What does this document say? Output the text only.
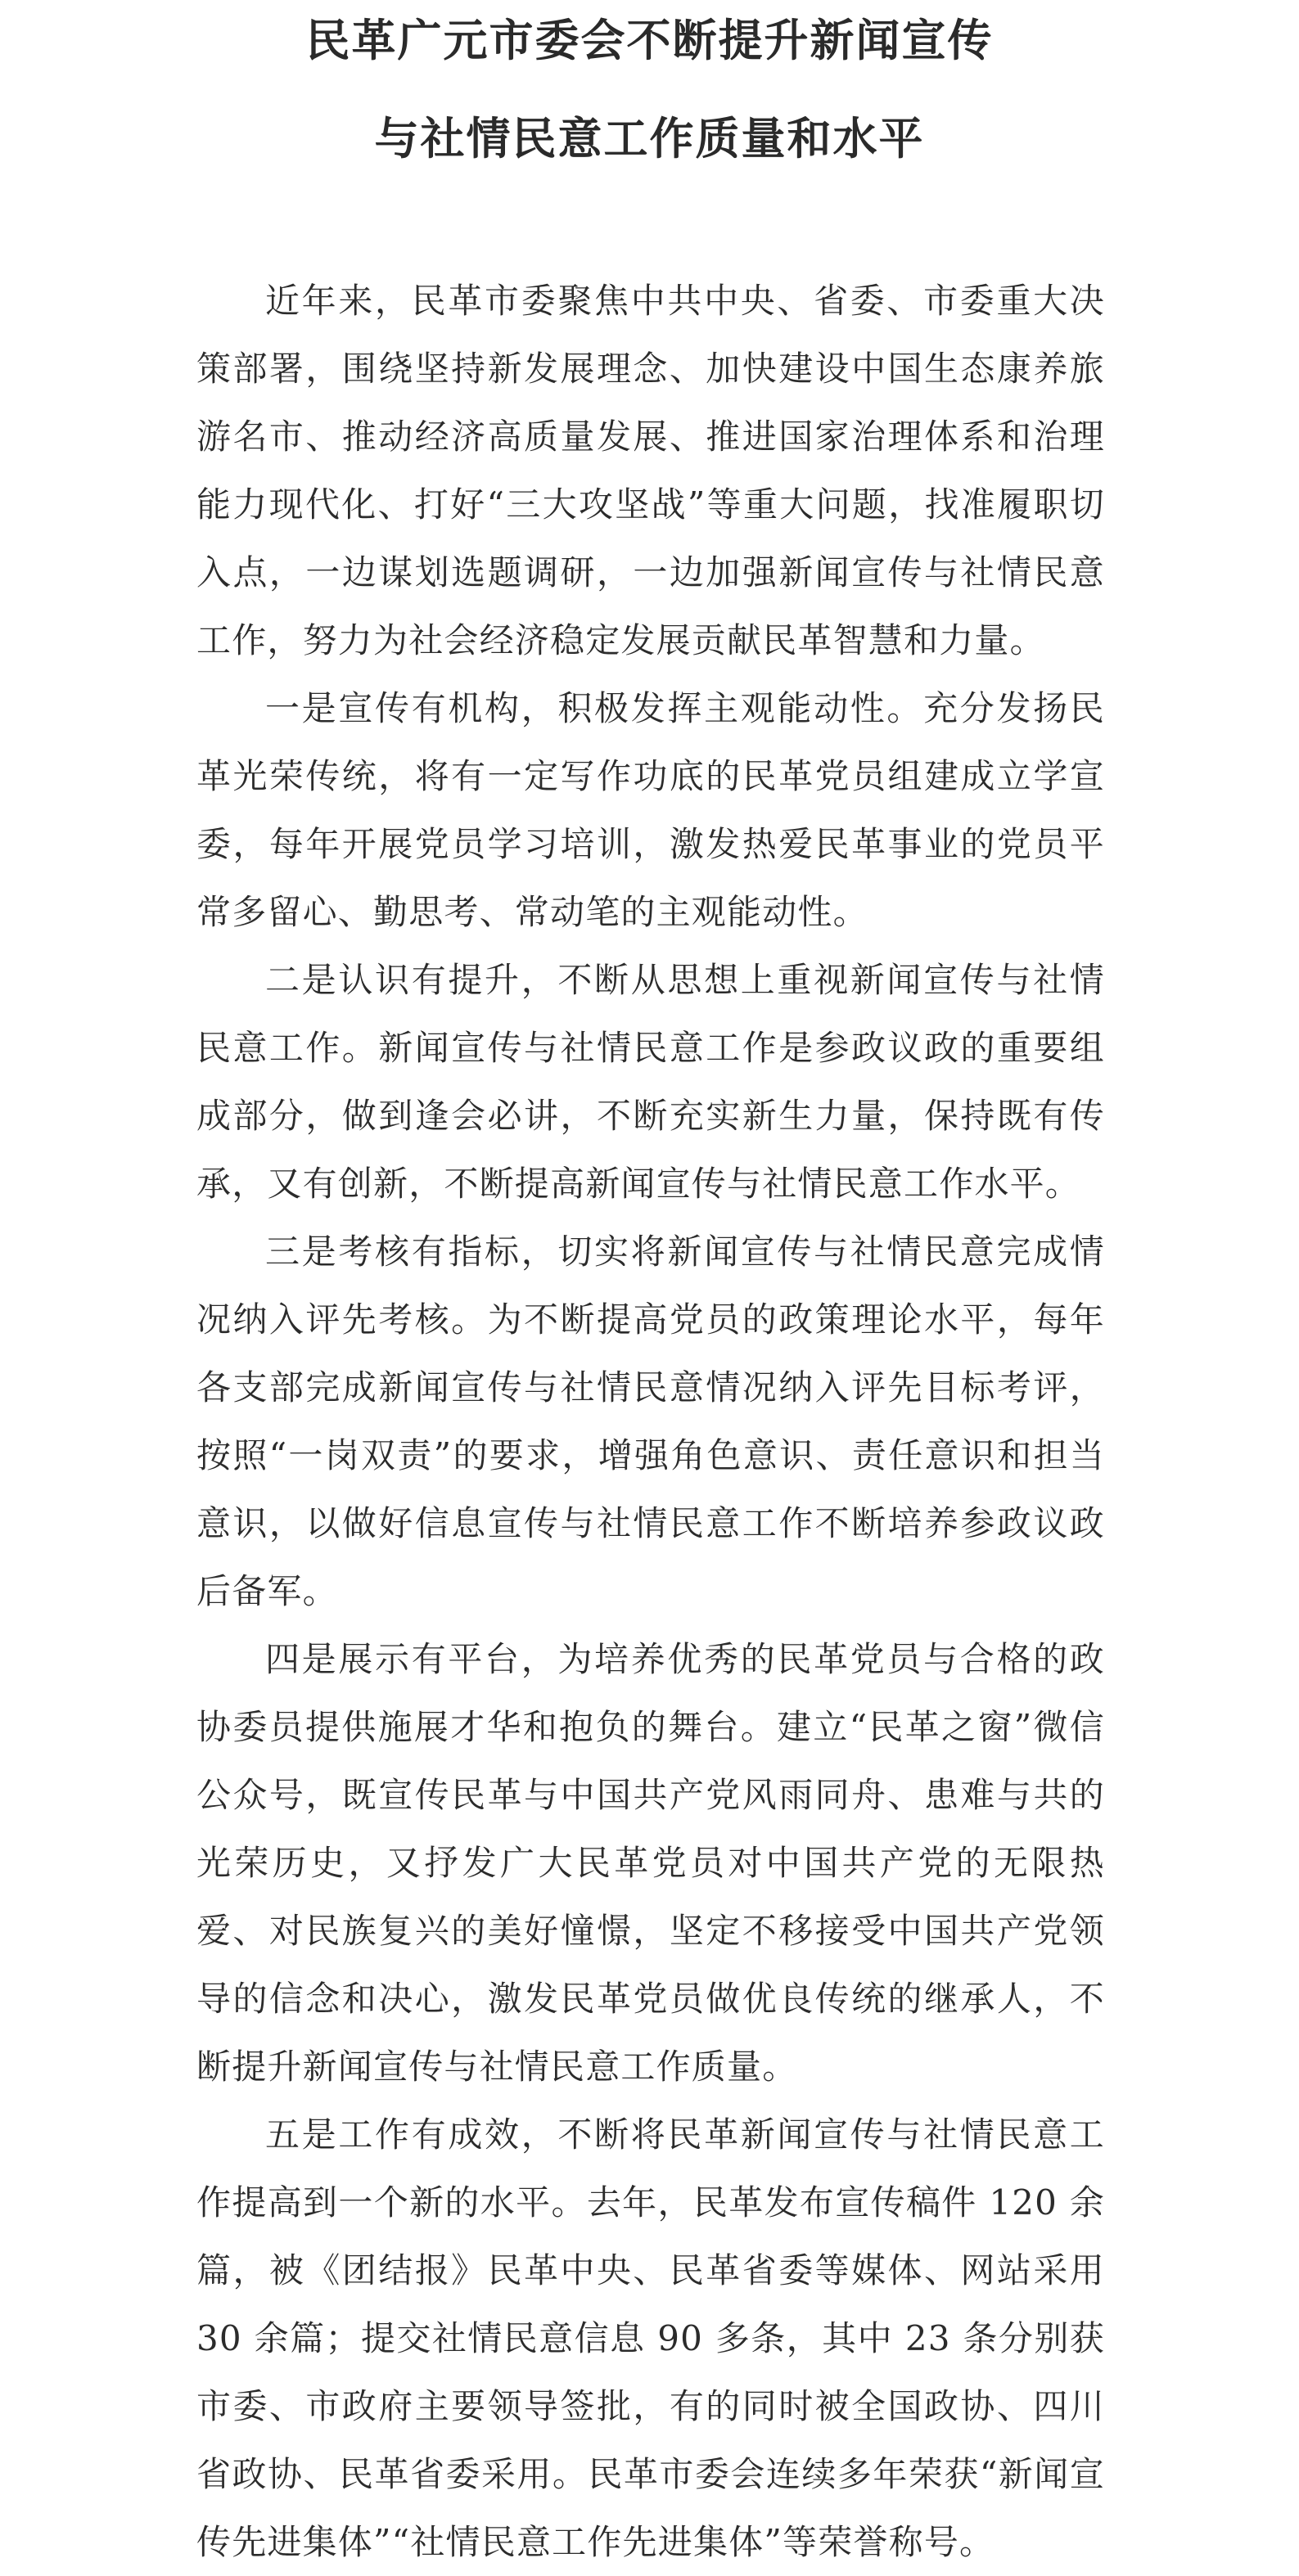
民革广元市委会不断提升新闻宣传
与社情民意工作质量和水平

近年来，民革市委聚焦中共中央、省委、市委重大决策部署，围绕坚持新发展理念、加快建设中国生态康养旅游名市、推动经济高质量发展、推进国家治理体系和治理能力现代化、打好“三大攻坚战”等重大问题，找准履职切入点，一边谋划选题调研，一边加强新闻宣传与社情民意工作，努力为社会经济稳定发展贡献民革智慧和力量。

一是宣传有机构，积极发挥主观能动性。充分发扬民革光荣传统，将有一定写作功底的民革党员组建成立学宣委，每年开展党员学习培训，激发热爱民革事业的党员平常多留心、勤思考、常动笔的主观能动性。

二是认识有提升，不断从思想上重视新闻宣传与社情民意工作。新闻宣传与社情民意工作是参政议政的重要组成部分，做到逢会必讲，不断充实新生力量，保持既有传承，又有创新，不断提高新闻宣传与社情民意工作水平。

三是考核有指标，切实将新闻宣传与社情民意完成情况纳入评先考核。为不断提高党员的政策理论水平，每年各支部完成新闻宣传与社情民意情况纳入评先目标考评，按照“一岗双责”的要求，增强角色意识、责任意识和担当意识，以做好信息宣传与社情民意工作不断培养参政议政后备军。

四是展示有平台，为培养优秀的民革党员与合格的政协委员提供施展才华和抱负的舞台。建立“民革之窗”微信公众号，既宣传民革与中国共产党风雨同舟、患难与共的光荣历史，又抒发广大民革党员对中国共产党的无限热爱、对民族复兴的美好憧憬，坚定不移接受中国共产党领导的信念和决心，激发民革党员做优良传统的继承人，不断提升新闻宣传与社情民意工作质量。

五是工作有成效，不断将民革新闻宣传与社情民意工作提高到一个新的水平。去年，民革发布宣传稿件 120 余篇，被《团结报》民革中央、民革省委等媒体、网站采用 30 余篇；提交社情民意信息 90 多条，其中 23 条分别获市委、市政府主要领导签批，有的同时被全国政协、四川省政协、民革省委采用。民革市委会连续多年荣获“新闻宣传先进集体”“社情民意工作先进集体”等荣誉称号。
